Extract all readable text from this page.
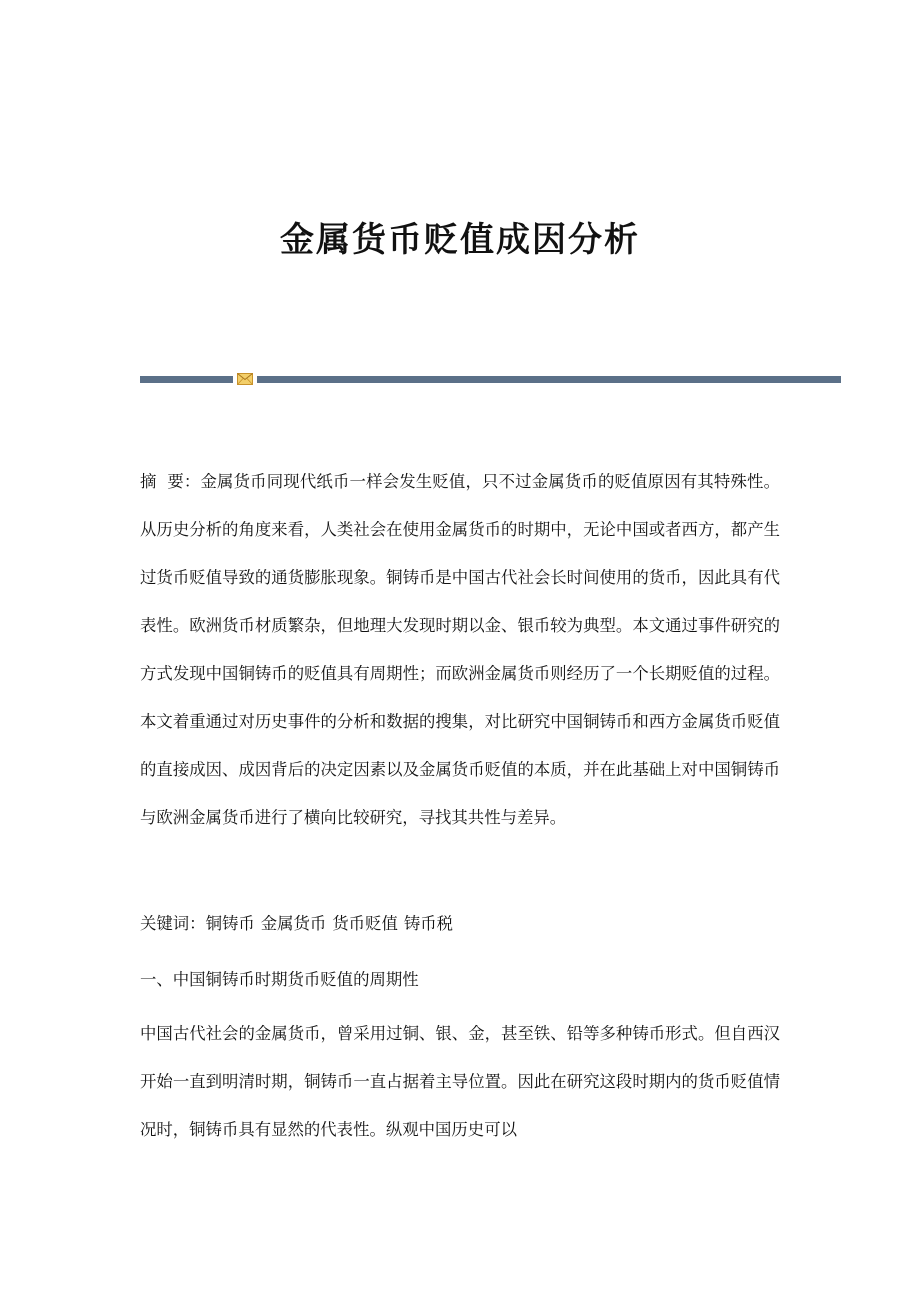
金属货币贬值成因分析

摘  要：金属货币同现代纸币一样会发生贬值，只不过金属货币的贬值原因有其特殊性。从历史分析的角度来看，人类社会在使用金属货币的时期中，无论中国或者西方，都产生过货币贬值导致的通货膨胀现象。铜铸币是中国古代社会长时间使用的货币，因此具有代表性。欧洲货币材质繁杂，但地理大发现时期以金、银币较为典型。本文通过事件研究的方式发现中国铜铸币的贬值具有周期性；而欧洲金属货币则经历了一个长期贬值的过程。本文着重通过对历史事件的分析和数据的搜集，对比研究中国铜铸币和西方金属货币贬值的直接成因、成因背后的决定因素以及金属货币贬值的本质，并在此基础上对中国铜铸币与欧洲金属货币进行了横向比较研究，寻找其共性与差异。

关键词：铜铸币 金属货币 货币贬值 铸币税

一、中国铜铸币时期货币贬值的周期性

中国古代社会的金属货币，曾采用过铜、银、金，甚至铁、铅等多种铸币形式。但自西汉开始一直到明清时期，铜铸币一直占据着主导位置。因此在研究这段时期内的货币贬值情况时，铜铸币具有显然的代表性。纵观中国历史可以
